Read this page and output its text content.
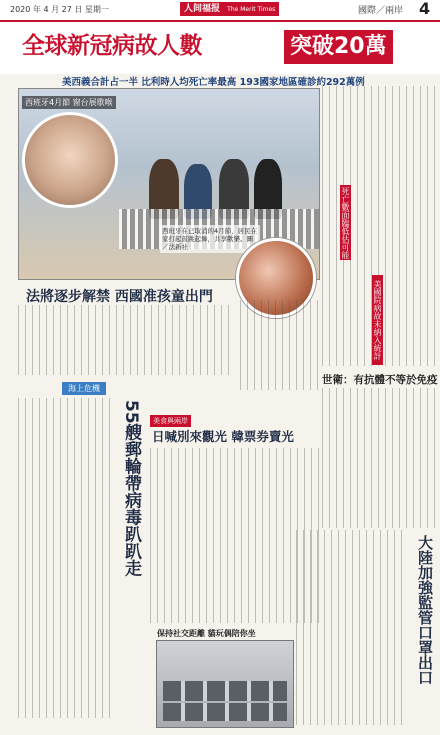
2020 年 4 月 27 日 星期一	人间福报 The Merit Times	國際／兩岸 4
全球新冠病故人數	突破20萬
美西義合計占一半 比利時人均死亡率最高 193國家地區確診約292萬例
西班牙4月節 窗台展歌喉
西班牙在已取消的4月節，居民在家打起鼓跳起舞，共享歡樂。圖／法新社
法將逐步解禁 西國准孩童出門
死亡數面臨低估可能
美國院病故未納入統計
世衛：有抗體不等於免疫
海上危機
55艘郵輪帶病毒趴趴走	美食與兩岸
日喊別來觀光 韓票券賣光
保持社交距離 貓玩偶陪你坐	大陸加強監管口罩出口
